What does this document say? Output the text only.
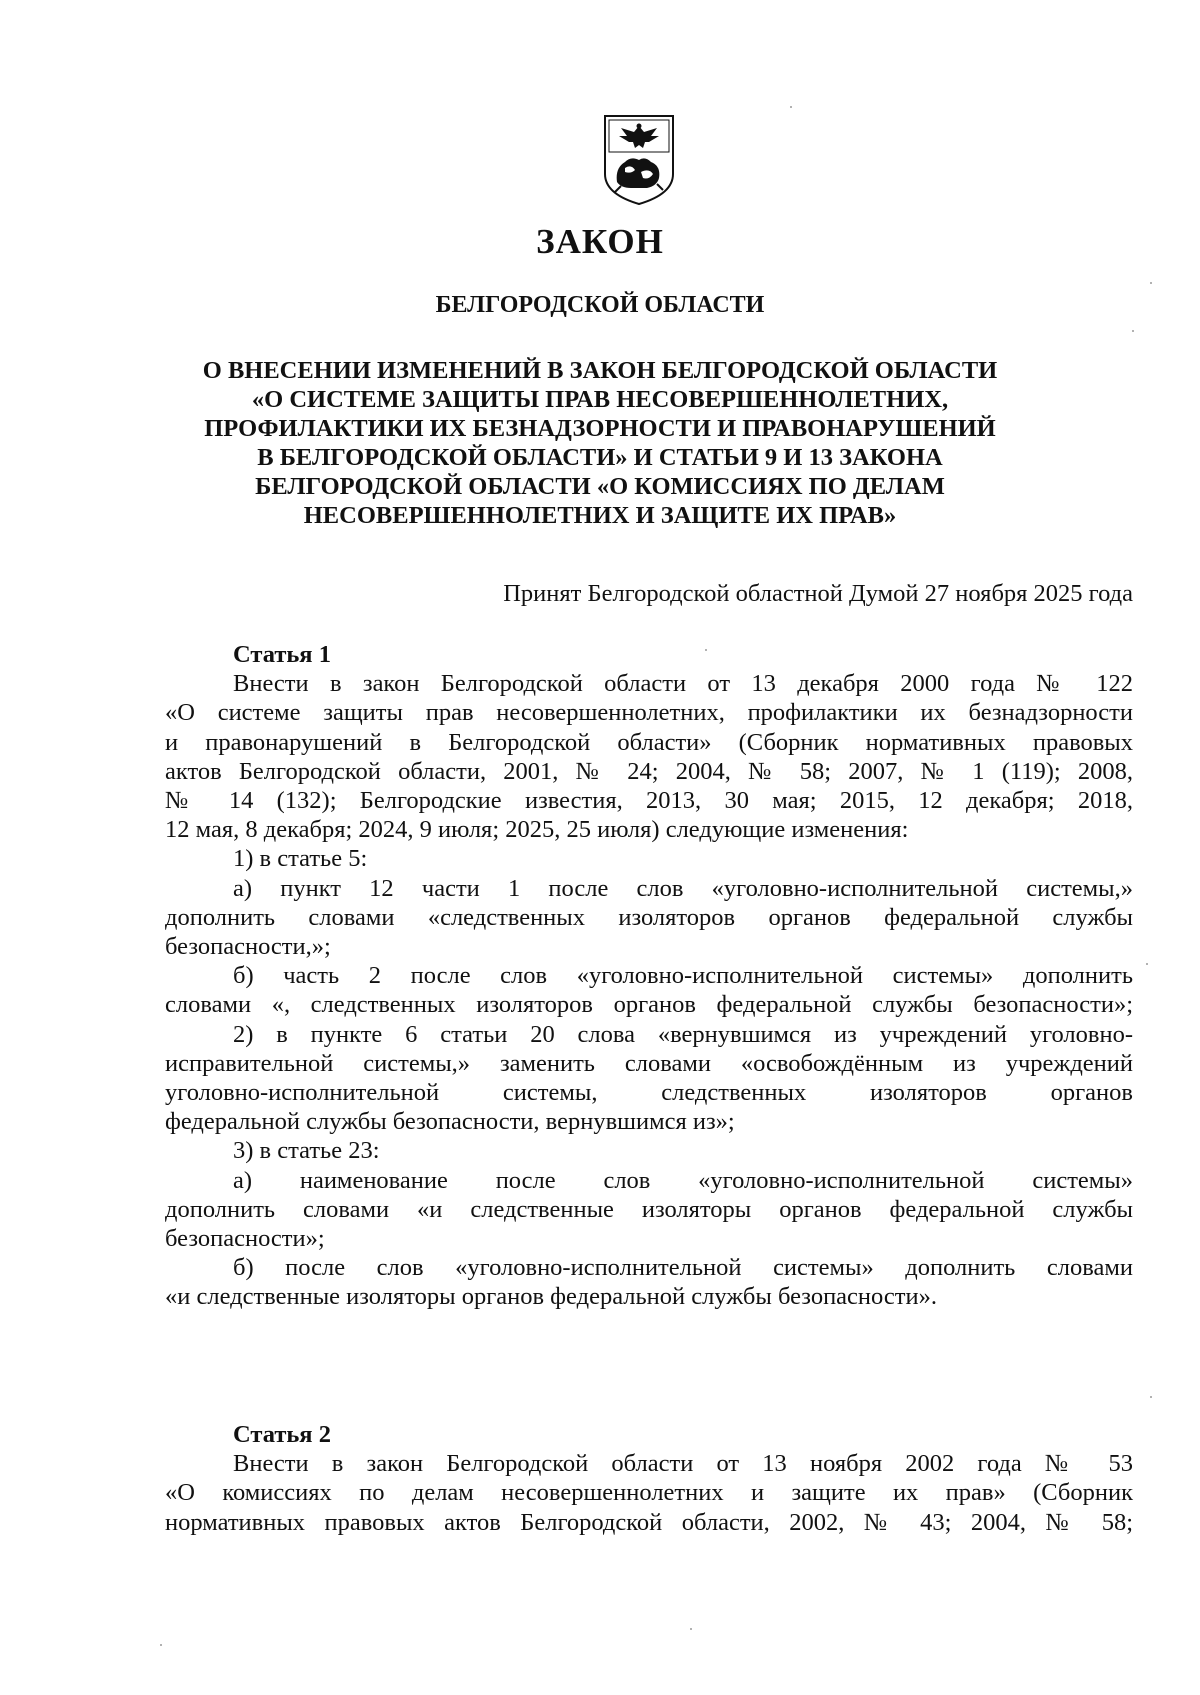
ЗАКОН
БЕЛГОРОДСКОЙ ОБЛАСТИ
О ВНЕСЕНИИ ИЗМЕНЕНИЙ В ЗАКОН БЕЛГОРОДСКОЙ ОБЛАСТИ
«О СИСТЕМЕ ЗАЩИТЫ ПРАВ НЕСОВЕРШЕННОЛЕТНИХ,
ПРОФИЛАКТИКИ ИХ БЕЗНАДЗОРНОСТИ И ПРАВОНАРУШЕНИЙ
В БЕЛГОРОДСКОЙ ОБЛАСТИ» И СТАТЬИ 9 И 13 ЗАКОНА
БЕЛГОРОДСКОЙ ОБЛАСТИ «О КОМИССИЯХ ПО ДЕЛАМ
НЕСОВЕРШЕННОЛЕТНИХ И ЗАЩИТЕ ИХ ПРАВ»

Принят Белгородской областной Думой 27 ноября 2025 года

Статья 1
Внести в закон Белгородской области от 13 декабря 2000 года № 122
«О системе защиты прав несовершеннолетних, профилактики их безнадзорности
и правонарушений в Белгородской области» (Сборник нормативных правовых
актов Белгородской области, 2001, № 24; 2004, № 58; 2007, № 1 (119); 2008,
№ 14 (132); Белгородские известия, 2013, 30 мая; 2015, 12 декабря; 2018,
12 мая, 8 декабря; 2024, 9 июля; 2025, 25 июля) следующие изменения:
1) в статье 5:
а) пункт 12 части 1 после слов «уголовно-исполнительной системы,»
дополнить словами «следственных изоляторов органов федеральной службы
безопасности,»;
б) часть 2 после слов «уголовно-исполнительной системы» дополнить
словами «, следственных изоляторов органов федеральной службы безопасности»;
2) в пункте 6 статьи 20 слова «вернувшимся из учреждений уголовно-
исправительной системы,» заменить словами «освобождённым из учреждений
уголовно-исполнительной системы, следственных изоляторов органов
федеральной службы безопасности, вернувшимся из»;
3) в статье 23:
а) наименование после слов «уголовно-исполнительной системы»
дополнить словами «и следственные изоляторы органов федеральной службы
безопасности»;
б) после слов «уголовно-исполнительной системы» дополнить словами
«и следственные изоляторы органов федеральной службы безопасности».
Статья 2
Внести в закон Белгородской области от 13 ноября 2002 года № 53
«О комиссиях по делам несовершеннолетних и защите их прав» (Сборник
нормативных правовых актов Белгородской области, 2002, № 43; 2004, № 58;
